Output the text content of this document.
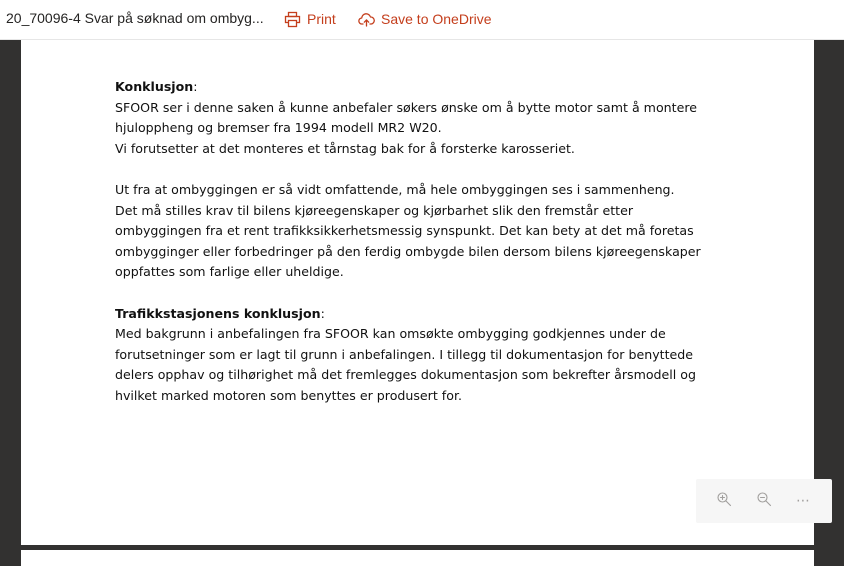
20_70096-4 Svar på søknad om ombyg...	Print	Save to OneDrive
Konklusjon:
SFOOR ser i denne saken å kunne anbefaler søkers ønske om å bytte motor samt å montere
hjuloppheng og bremser fra 1994 modell MR2 W20.
Vi forutsetter at det monteres et tårnstag bak for å forsterke karosseriet.
Ut fra at ombyggingen er så vidt omfattende, må hele ombyggingen ses i sammenheng.
Det må stilles krav til bilens kjøreegenskaper og kjørbarhet slik den fremstår etter
ombyggingen fra et rent trafikksikkerhetsmessig synspunkt. Det kan bety at det må foretas
ombygginger eller forbedringer på den ferdig ombygde bilen dersom bilens kjøreegenskaper
oppfattes som farlige eller uheldige.
Trafikkstasjonens konklusjon:
Med bakgrunn i anbefalingen fra SFOOR kan omsøkte ombygging godkjennes under de
forutsetninger som er lagt til grunn i anbefalingen. I tillegg til dokumentasjon for benyttede
delers opphav og tilhørighet må det fremlegges dokumentasjon som bekrefter årsmodell og
hvilket marked motoren som benyttes er produsert for.
⋯
